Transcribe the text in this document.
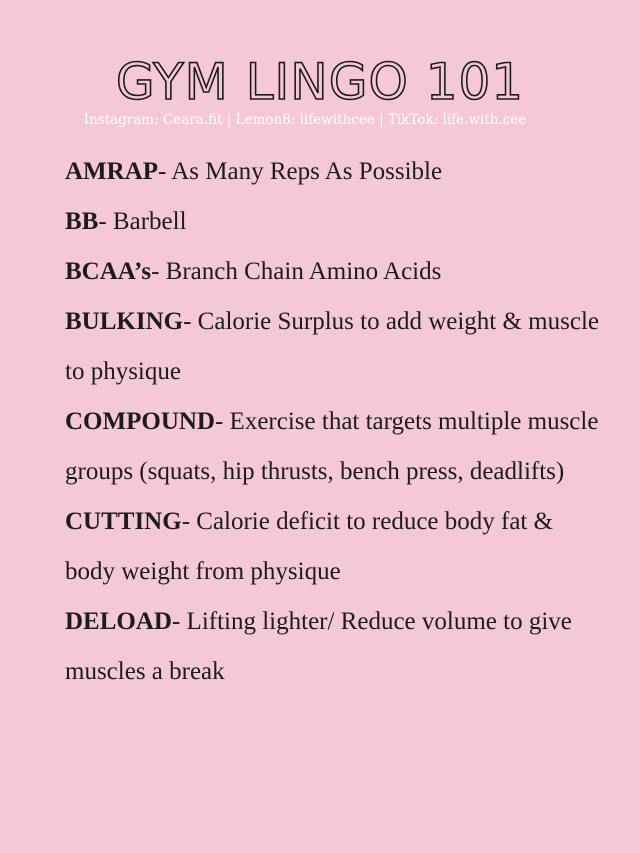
GYM LINGO 101
Instagram: Ceara.fit | Lemon8: lifewithcee | TikTok: life.with.cee

AMRAP- As Many Reps As Possible

BB- Barbell

BCAA’s- Branch Chain Amino Acids

BULKING- Calorie Surplus to add weight & muscle to physique

COMPOUND- Exercise that targets multiple muscle groups (squats, hip thrusts, bench press, deadlifts)

CUTTING- Calorie deficit to reduce body fat & body weight from physique

DELOAD- Lifting lighter/ Reduce volume to give muscles a break
